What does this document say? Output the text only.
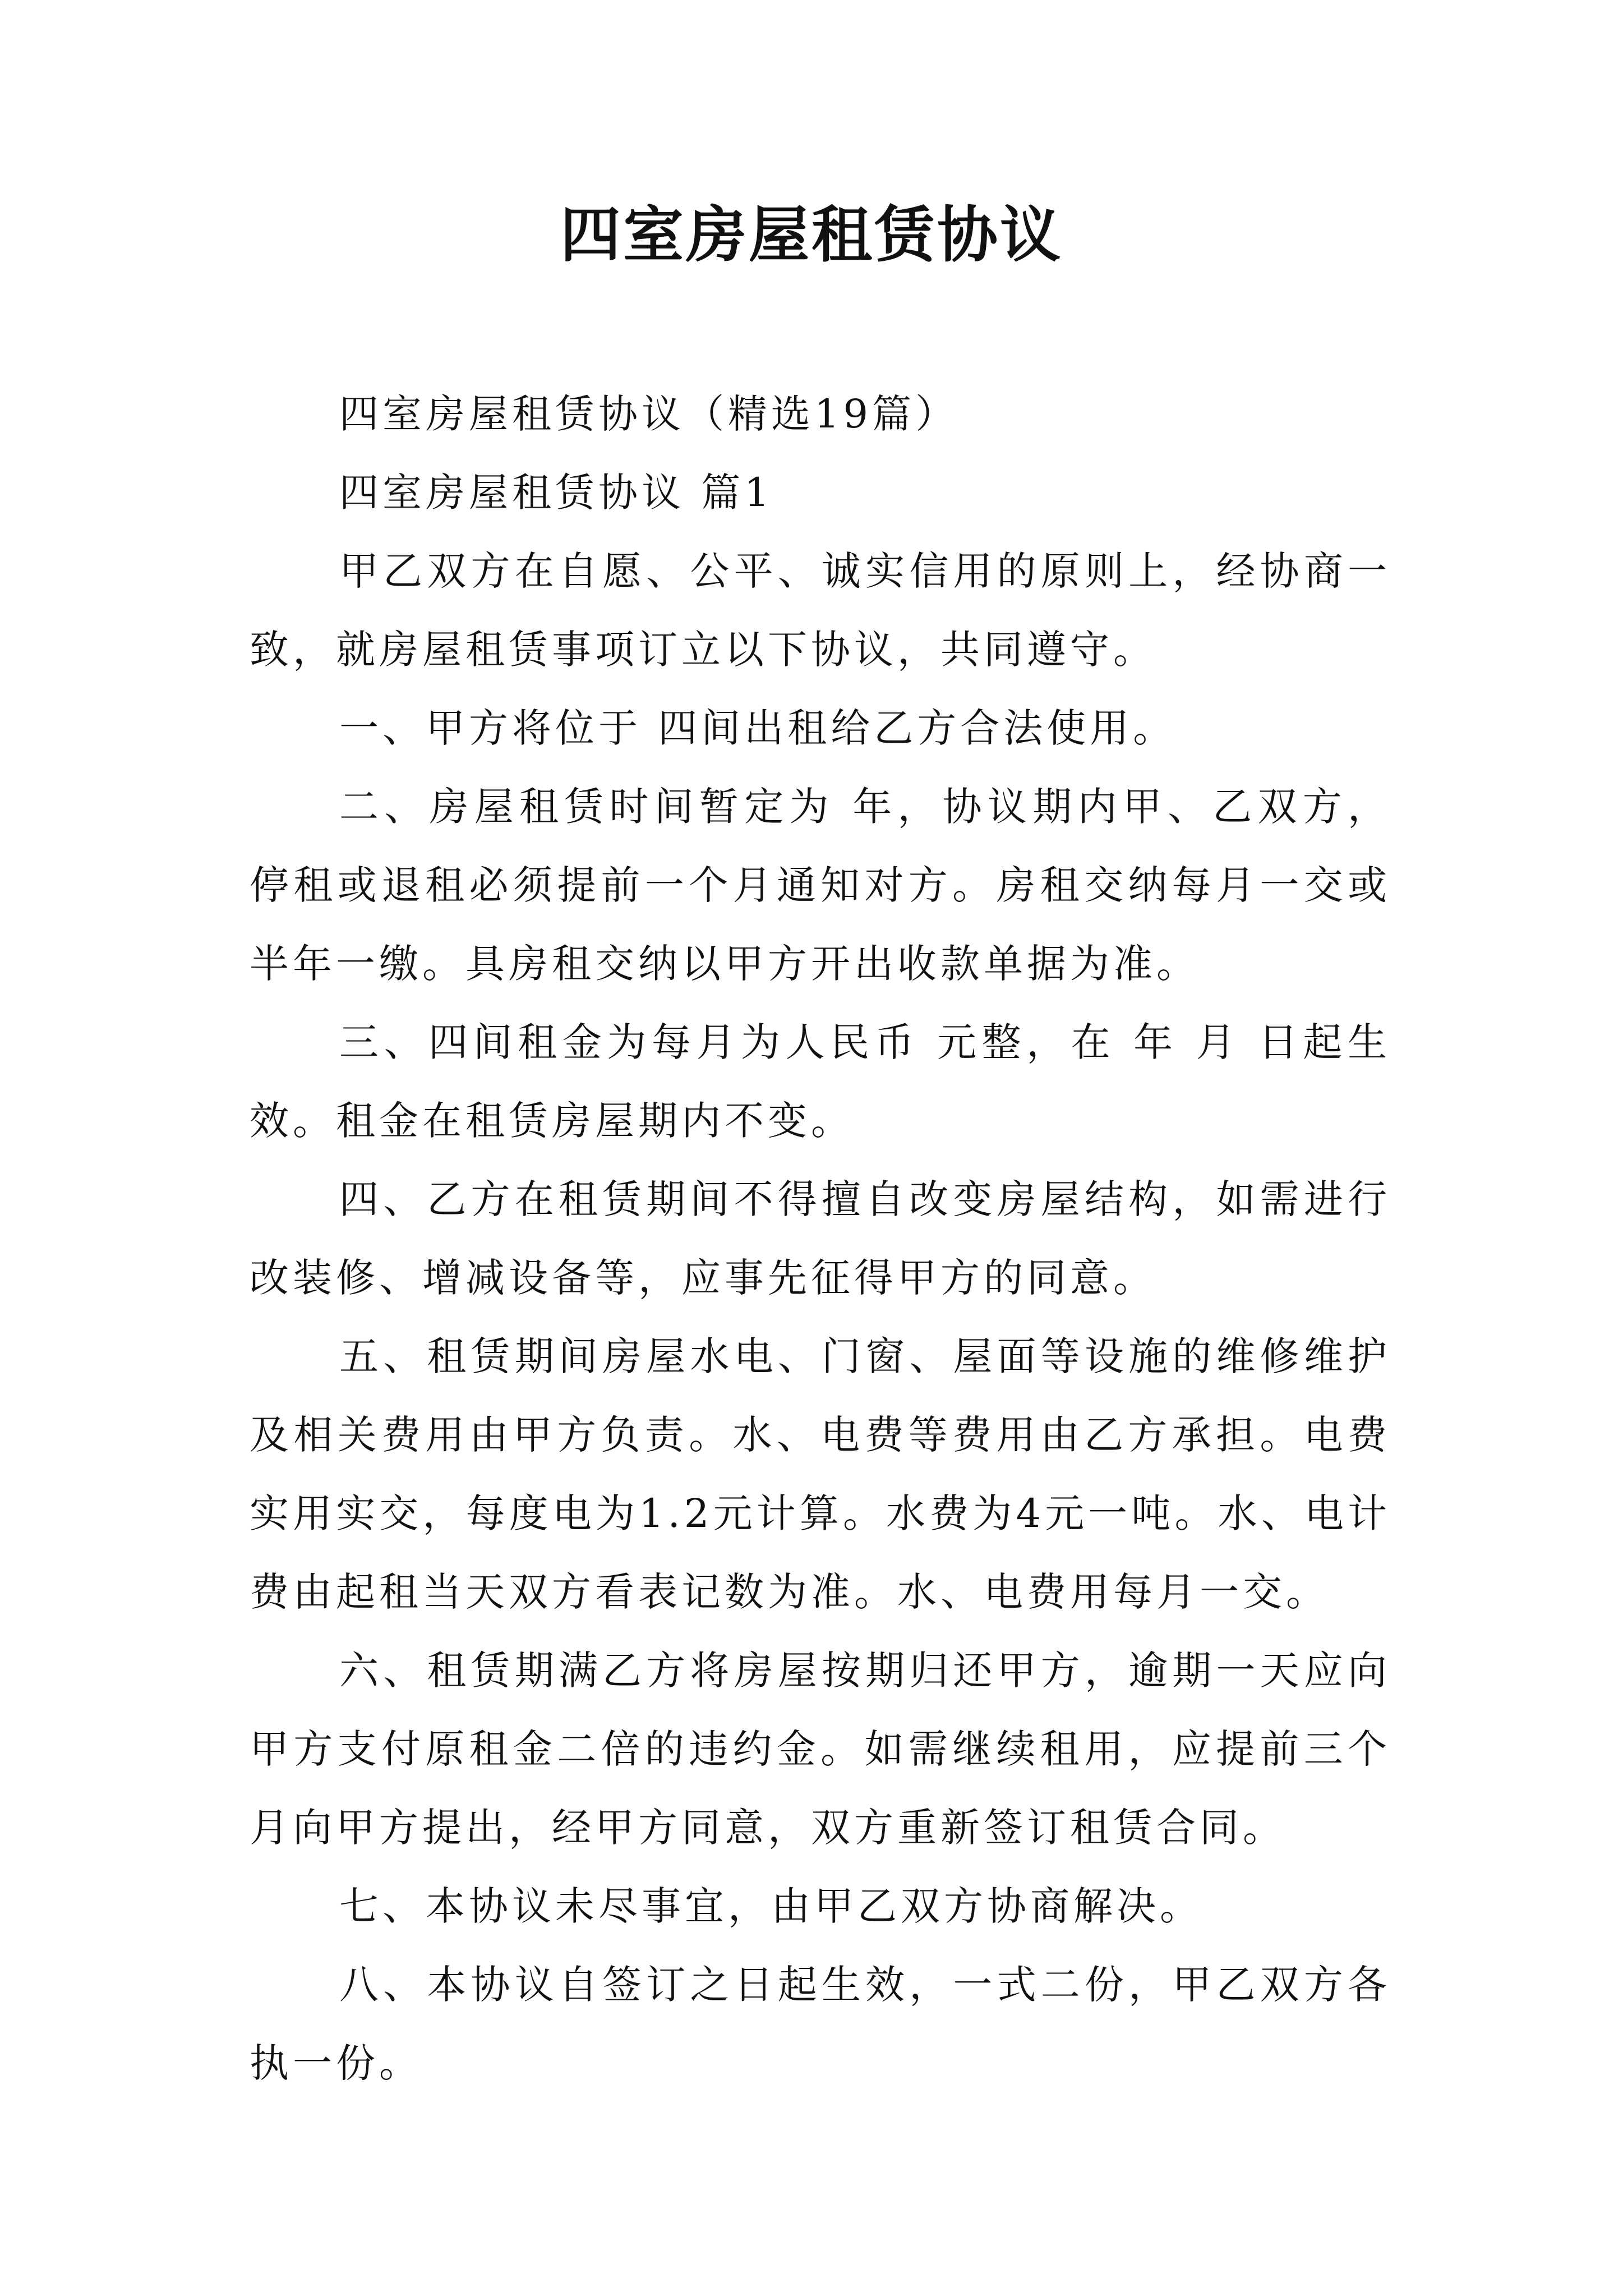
四室房屋租赁协议

四室房屋租赁协议（精选19篇）

四室房屋租赁协议 篇1

甲乙双方在自愿、公平、诚实信用的原则上，经协商一致，就房屋租赁事项订立以下协议，共同遵守。

一、甲方将位于 四间出租给乙方合法使用。

二、房屋租赁时间暂定为 年，协议期内甲、乙双方，停租或退租必须提前一个月通知对方。房租交纳每月一交或半年一缴。具房租交纳以甲方开出收款单据为准。

三、四间租金为每月为人民币 元整，在 年 月 日起生效。租金在租赁房屋期内不变。

四、乙方在租赁期间不得擅自改变房屋结构，如需进行改装修、增减设备等，应事先征得甲方的同意。

五、租赁期间房屋水电、门窗、屋面等设施的维修维护及相关费用由甲方负责。水、电费等费用由乙方承担。电费实用实交，每度电为1.2元计算。水费为4元一吨。水、电计费由起租当天双方看表记数为准。水、电费用每月一交。

六、租赁期满乙方将房屋按期归还甲方，逾期一天应向甲方支付原租金二倍的违约金。如需继续租用，应提前三个月向甲方提出，经甲方同意，双方重新签订租赁合同。

七、本协议未尽事宜，由甲乙双方协商解决。

八、本协议自签订之日起生效，一式二份，甲乙双方各执一份。
